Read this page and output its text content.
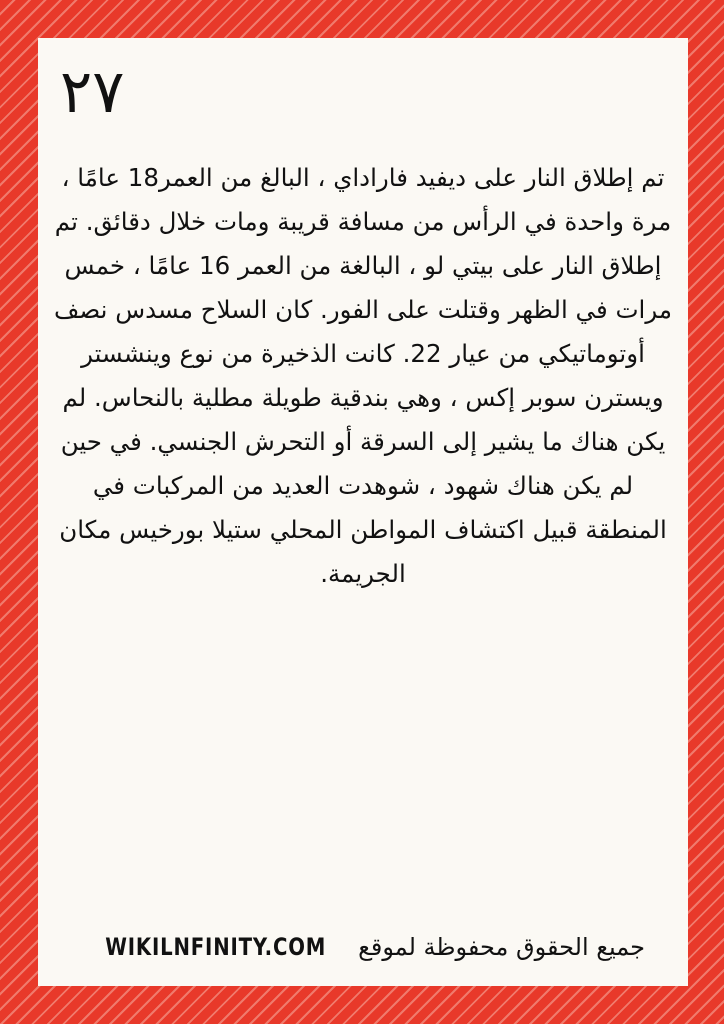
٢٧

تم إطلاق النار على ديفيد فاراداي ، البالغ من العمر18 عامًا ، مرة واحدة في الرأس من مسافة قريبة ومات خلال دقائق. تم إطلاق النار على بيتي لو ، البالغة من العمر 16 عامًا ، خمس مرات في الظهر وقتلت على الفور. كان السلاح مسدس نصف أوتوماتيكي من عيار 22. كانت الذخيرة من نوع وينشستر ويسترن سوبر إكس ، وهي بندقية طويلة مطلية بالنحاس. لم يكن هناك ما يشير إلى السرقة أو التحرش الجنسي. في حين لم يكن هناك شهود ، شوهدت العديد من المركبات في المنطقة قبيل اكتشاف المواطن المحلي ستيلا بورخيس مكان الجريمة.

جميع الحقوق محفوظة لموقع WIKILNFINITY.COM
